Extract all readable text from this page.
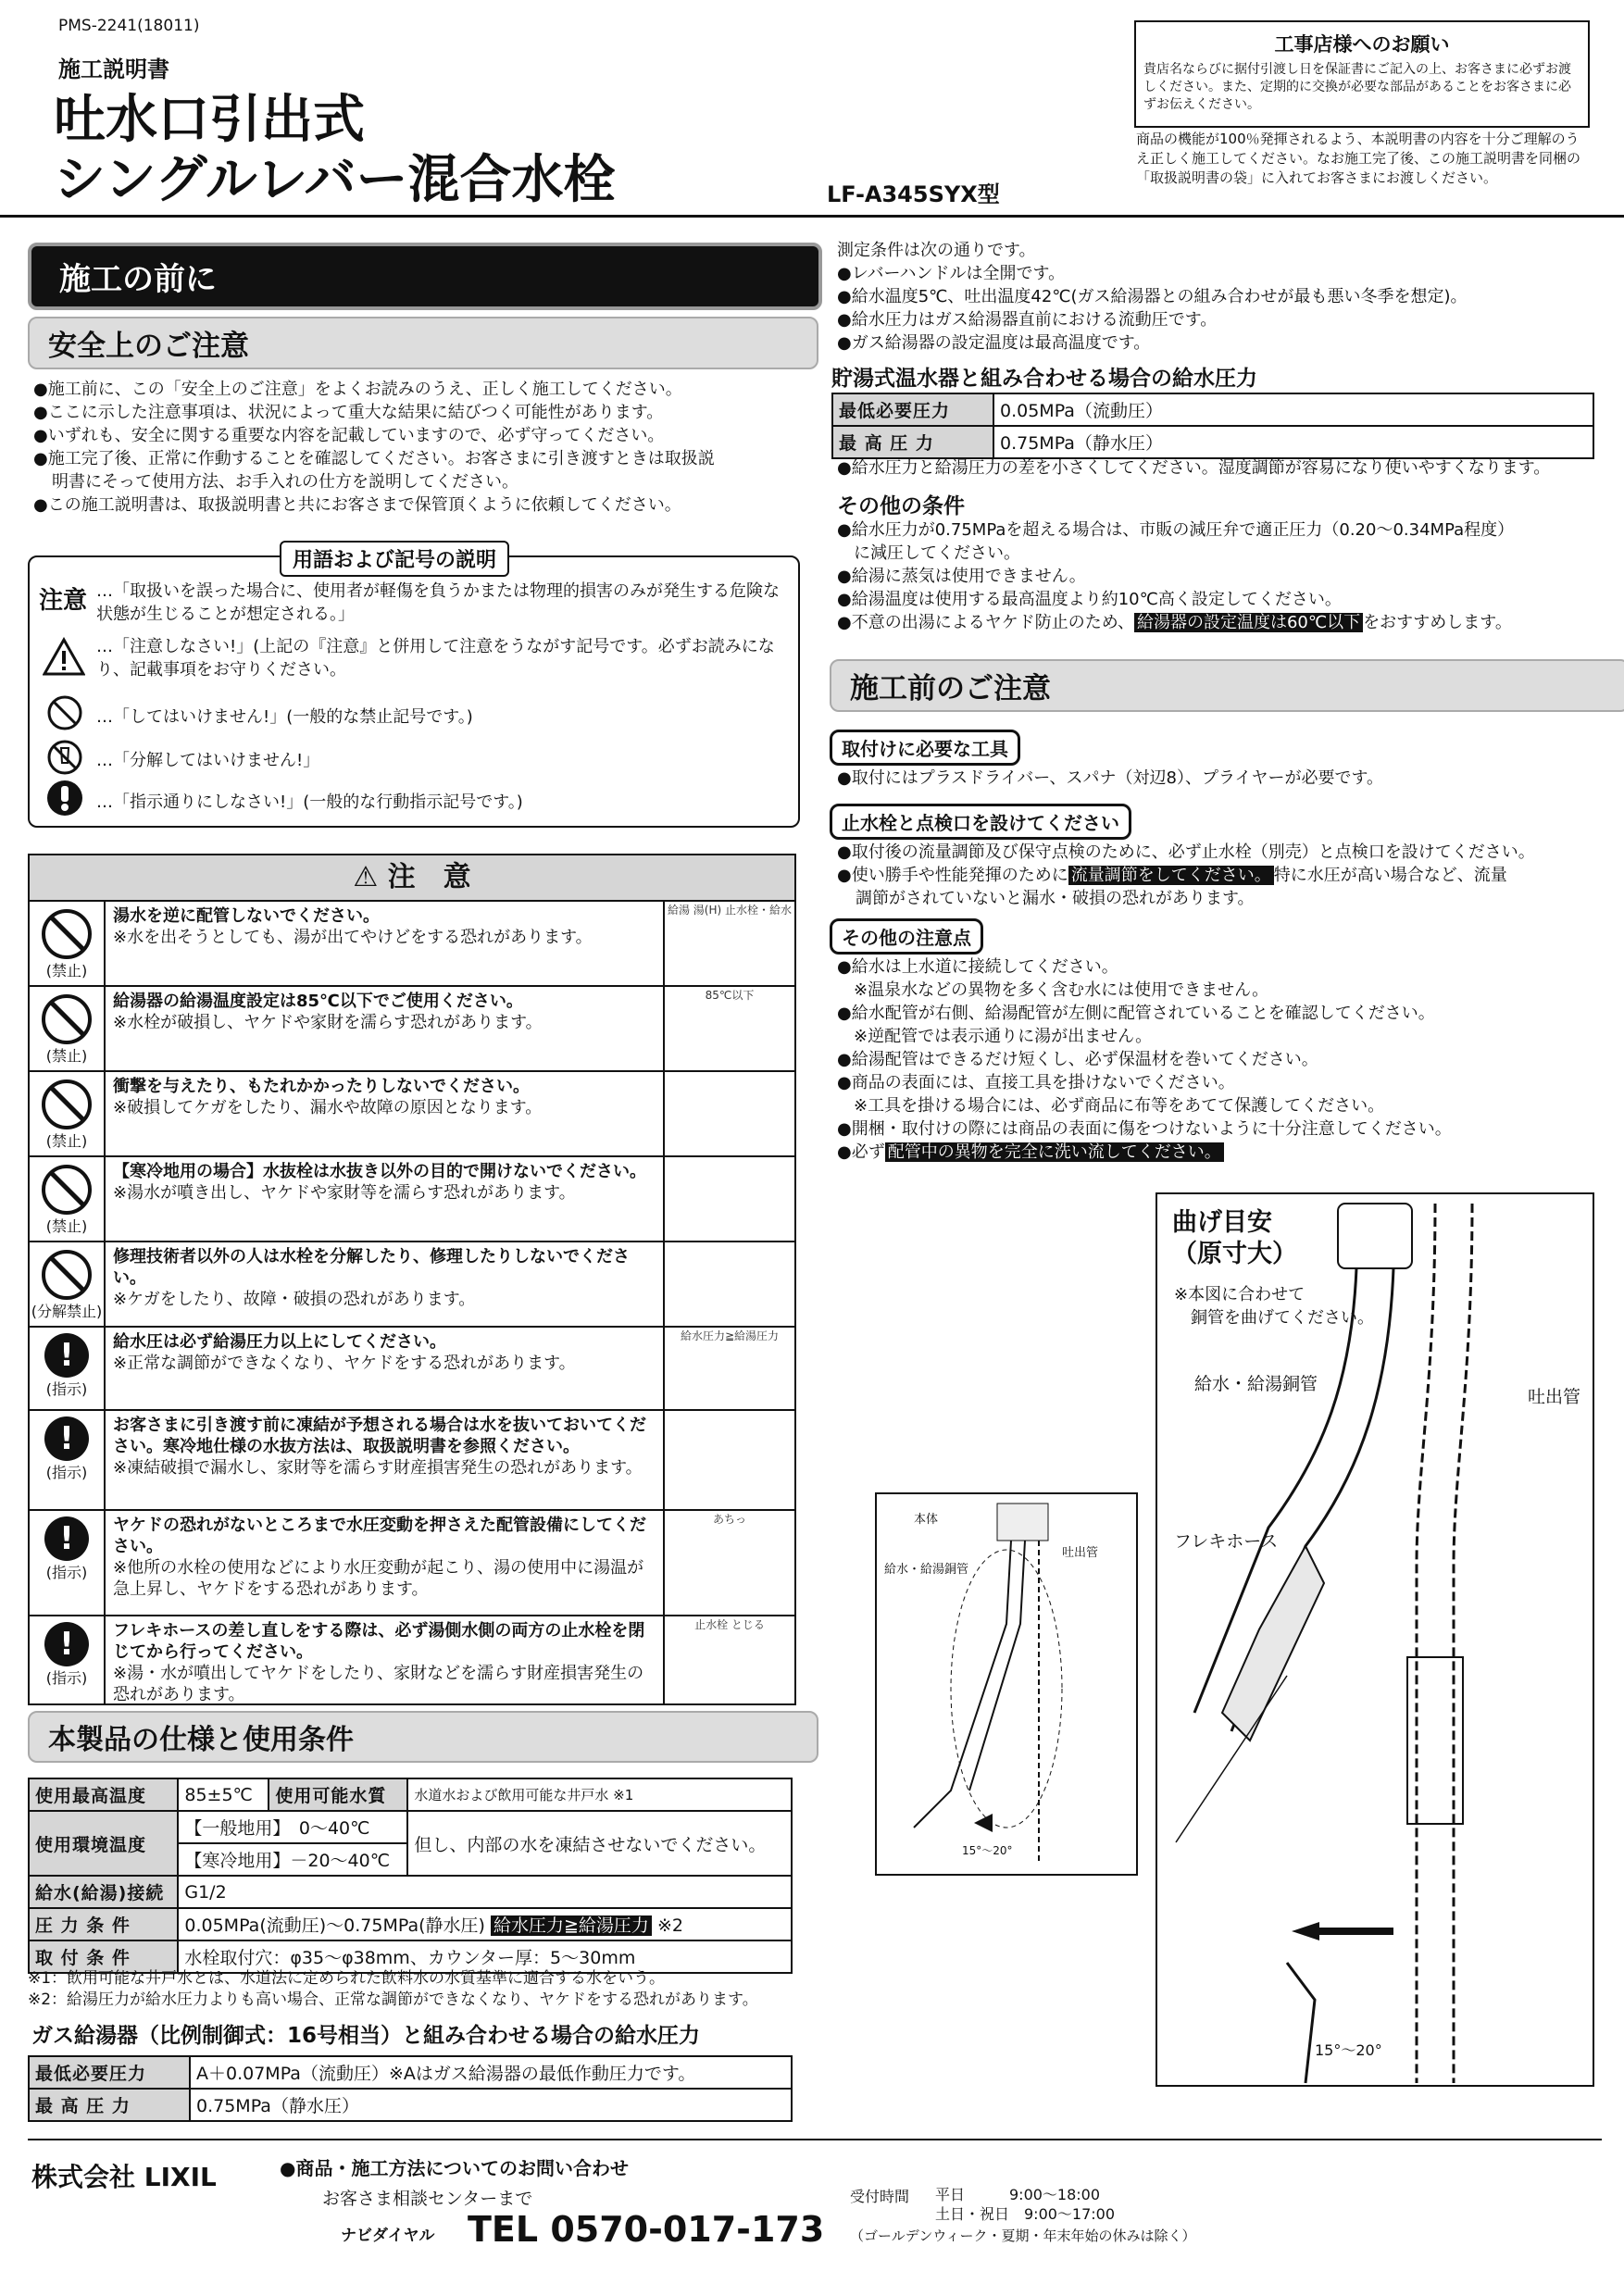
PMS-2241(18011)
施工説明書
吐水口引出式
シングルレバー混合水栓	LF-A345SYX型
工事店様へのお願い
貴店名ならびに据付引渡し日を保証書にご記入の上、お客さまに必ずお渡しください。また、定期的に交換が必要な部品があることをお客さまに必ずお伝えください。
商品の機能が100％発揮されるよう、本説明書の内容を十分ご理解のうえ正しく施工してください。なお施工完了後、この施工説明書を同梱の「取扱説明書の袋」に入れてお客さまにお渡しください。
施工の前に
安全上のご注意
●施工前に、この「安全上のご注意」をよくお読みのうえ、正しく施工してください。
●ここに示した注意事項は、状況によって重大な結果に結びつく可能性があります。
●いずれも、安全に関する重要な内容を記載していますので、必ず守ってください。
●施工完了後、正常に作動することを確認してください。お客さまに引き渡すときは取扱説
明書にそって使用方法、お手入れの仕方を説明してください。
●この施工説明書は、取扱説明書と共にお客さまで保管頂くように依頼してください。
用語および記号の説明
注意 …「取扱いを誤った場合に、使用者が軽傷を負うかまたは物理的損害のみが発生する危険な状態が生じることが想定される。」
…「注意しなさい!」(上記の『注意』と併用して注意をうながす記号です。必ずお読みになり、記載事項をお守りください。
…「してはいけません!」(一般的な禁止記号です。)
…「分解してはいけません!」
…「指示通りにしなさい!」(一般的な行動指示記号です。)
⚠ 注　意
(禁止)
湯水を逆に配管しないでください。
※水を出そうとしても、湯が出てやけどをする恐れがあります。
給湯 湯(H) 止水栓・給水
(禁止)
給湯器の給湯温度設定は85℃以下でご使用ください。
※水栓が破損し、ヤケドや家財を濡らす恐れがあります。
85℃以下
(禁止)
衝撃を与えたり、もたれかかったりしないでください。
※破損してケガをしたり、漏水や故障の原因となります。
(禁止)
【寒冷地用の場合】水抜栓は水抜き以外の目的で開けないでください。
※湯水が噴き出し、ヤケドや家財等を濡らす恐れがあります。
(分解禁止)
修理技術者以外の人は水栓を分解したり、修理したりしないでください。
※ケガをしたり、故障・破損の恐れがあります。
!
(指示)
給水圧は必ず給湯圧力以上にしてください。
※正常な調節ができなくなり、ヤケドをする恐れがあります。
給水圧力≧給湯圧力
!
(指示)
お客さまに引き渡す前に凍結が予想される場合は水を抜いておいてください。寒冷地仕様の水抜方法は、取扱説明書を参照ください。
※凍結破損で漏水し、家財等を濡らす財産損害発生の恐れがあります。
!
(指示)
ヤケドの恐れがないところまで水圧変動を押さえた配管設備にしてください。
※他所の水栓の使用などにより水圧変動が起こり、湯の使用中に湯温が急上昇し、ヤケドをする恐れがあります。
あちっ
!
(指示)
フレキホースの差し直しをする際は、必ず湯側水側の両方の止水栓を閉じてから行ってください。
※湯・水が噴出してヤケドをしたり、家財などを濡らす財産損害発生の恐れがあります。
止水栓 とじる
本製品の仕様と使用条件
使用最高温度	85±5℃	使用可能水質	水道水および飲用可能な井戸水 ※1
使用環境温度	【一般地用】　0〜40℃		但し、内部の水を凍結させないでください。
	【寒冷地用】－20〜40℃		
給水(給湯)接続	G1/2		
圧 力 条 件	0.05MPa(流動圧)〜0.75MPa(静水圧) 給水圧力≧給湯圧力 ※2		
取 付 条 件	水栓取付穴：φ35〜φ38mm、カウンター厚：5〜30mm		
※1：飲用可能な井戸水とは、水道法に定められた飲料水の水質基準に適合する水をいう。
※2：給湯圧力が給水圧力よりも高い場合、正常な調節ができなくなり、ヤケドをする恐れがあります。
ガス給湯器（比例制御式：16号相当）と組み合わせる場合の給水圧力
最低必要圧力	A＋0.07MPa（流動圧）※Aはガス給湯器の最低作動圧力です。
最 高 圧 力	0.75MPa（静水圧）
測定条件は次の通りです。
●レバーハンドルは全開です。
●給水温度5℃、吐出温度42℃(ガス給湯器との組み合わせが最も悪い冬季を想定)。
●給水圧力はガス給湯器直前における流動圧です。
●ガス給湯器の設定温度は最高温度です。
貯湯式温水器と組み合わせる場合の給水圧力
最低必要圧力	0.05MPa（流動圧）
最 高 圧 力	0.75MPa（静水圧）
●給水圧力と給湯圧力の差を小さくしてください。湿度調節が容易になり使いやすくなります。
その他の条件
●給水圧力が0.75MPaを超える場合は、市販の減圧弁で適正圧力（0.20〜0.34MPa程度）
　に減圧してください。
●給湯に蒸気は使用できません。
●給湯温度は使用する最高温度より約10℃高く設定してください。
●不意の出湯によるヤケド防止のため、 給湯器の設定温度は60℃以下 をおすすめします。
施工前のご注意
取付けに必要な工具
●取付にはプラスドライバー、スパナ（対辺8）、プライヤーが必要です。
止水栓と点検口を設けてください
●取付後の流量調節及び保守点検のために、必ず止水栓（別売）と点検口を設けてください。
●使い勝手や性能発揮のために 流量調節をしてください。 特に水圧が高い場合など、流量
調節がされていないと漏水・破損の恐れがあります。
その他の注意点
●給水は上水道に接続してください。
　※温泉水などの異物を多く含む水には使用できません。
●給水配管が右側、給湯配管が左側に配管されていることを確認してください。
　※逆配管では表示通りに湯が出ません。
●給湯配管はできるだけ短くし、必ず保温材を巻いてください。
●商品の表面には、直接工具を掛けないでください。
　※工具を掛ける場合には、必ず商品に布等をあてて保護してください。
●開梱・取付けの際には商品の表面に傷をつけないように十分注意してください。
●必ず 配管中の異物を完全に洗い流してください。
曲げ目安
（原寸大）
※本図に合わせて
銅管を曲げてください。
給水・給湯銅管
吐出管
フレキホース
15°〜20°
本体
給水・給湯銅管
吐出管
15°〜20°
株式会社 LIXIL	●商品・施工方法についてのお問い合わせ
お客さま相談センターまで
ナビダイヤル TEL 0570-017-173
受付時間 平日　　　9:00〜18:00
土日・祝日　9:00〜17:00
（ゴールデンウィーク・夏期・年末年始の休みは除く）
